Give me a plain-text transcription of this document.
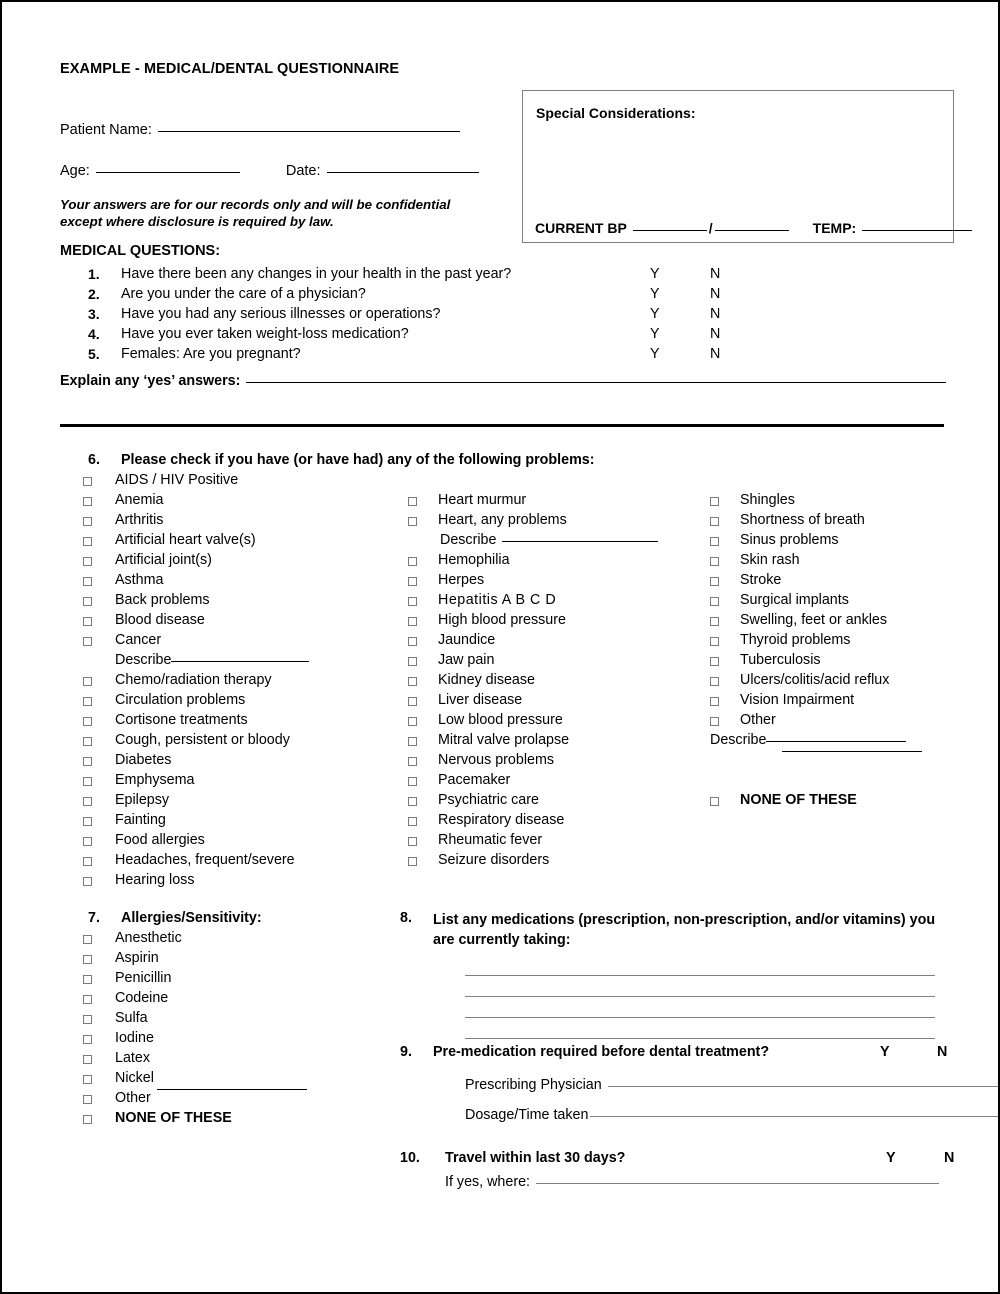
EXAMPLE - MEDICAL/DENTAL QUESTIONNAIRE
Patient Name:
Age:	Date:
Your answers are for our records only and will be confidential except where disclosure is required by law.
MEDICAL QUESTIONS:
Special Considerations:
CURRENT BP	/	TEMP:
1.	Have there been any changes in your health in the past year?	Y	N
2.	Are you under the care of a physician?	Y	N
3.	Have you had any serious illnesses or operations?	Y	N
4.	Have you ever taken weight-loss medication?	Y	N
5.	Females: Are you pregnant?	Y	N
Explain any ‘yes’ answers:
6. Please check if you have (or have had) any of the following problems:
AIDS / HIV Positive
Anemia
Arthritis
Artificial heart valve(s)
Artificial joint(s)
Asthma
Back problems
Blood disease
Cancer
Describe
Chemo/radiation therapy
Circulation problems
Cortisone treatments
Cough, persistent or bloody
Diabetes
Emphysema
Epilepsy
Fainting
Food allergies
Headaches, frequent/severe
Hearing loss
Heart murmur
Heart, any problems
Describe
Hemophilia
Herpes
Hepatitis A B C D
High blood pressure
Jaundice
Jaw pain
Kidney disease
Liver disease
Low blood pressure
Mitral valve prolapse
Nervous problems
Pacemaker
Psychiatric care
Respiratory disease
Rheumatic fever
Seizure disorders
Shingles
Shortness of breath
Sinus problems
Skin rash
Stroke
Surgical implants
Swelling, feet or ankles
Thyroid problems
Tuberculosis
Ulcers/colitis/acid reflux
Vision Impairment
Other
Describe
NONE OF THESE
7. Allergies/Sensitivity:
Anesthetic
Aspirin
Penicillin
Codeine
Sulfa
Iodine
Latex
Nickel
Other
NONE OF THESE
8. List any medications (prescription, non-prescription, and/or vitamins) you are currently taking:
9. Pre-medication required before dental treatment?	Y	N
Prescribing Physician
Dosage/Time taken
10. Travel within last 30 days?	Y	N
If yes, where:
